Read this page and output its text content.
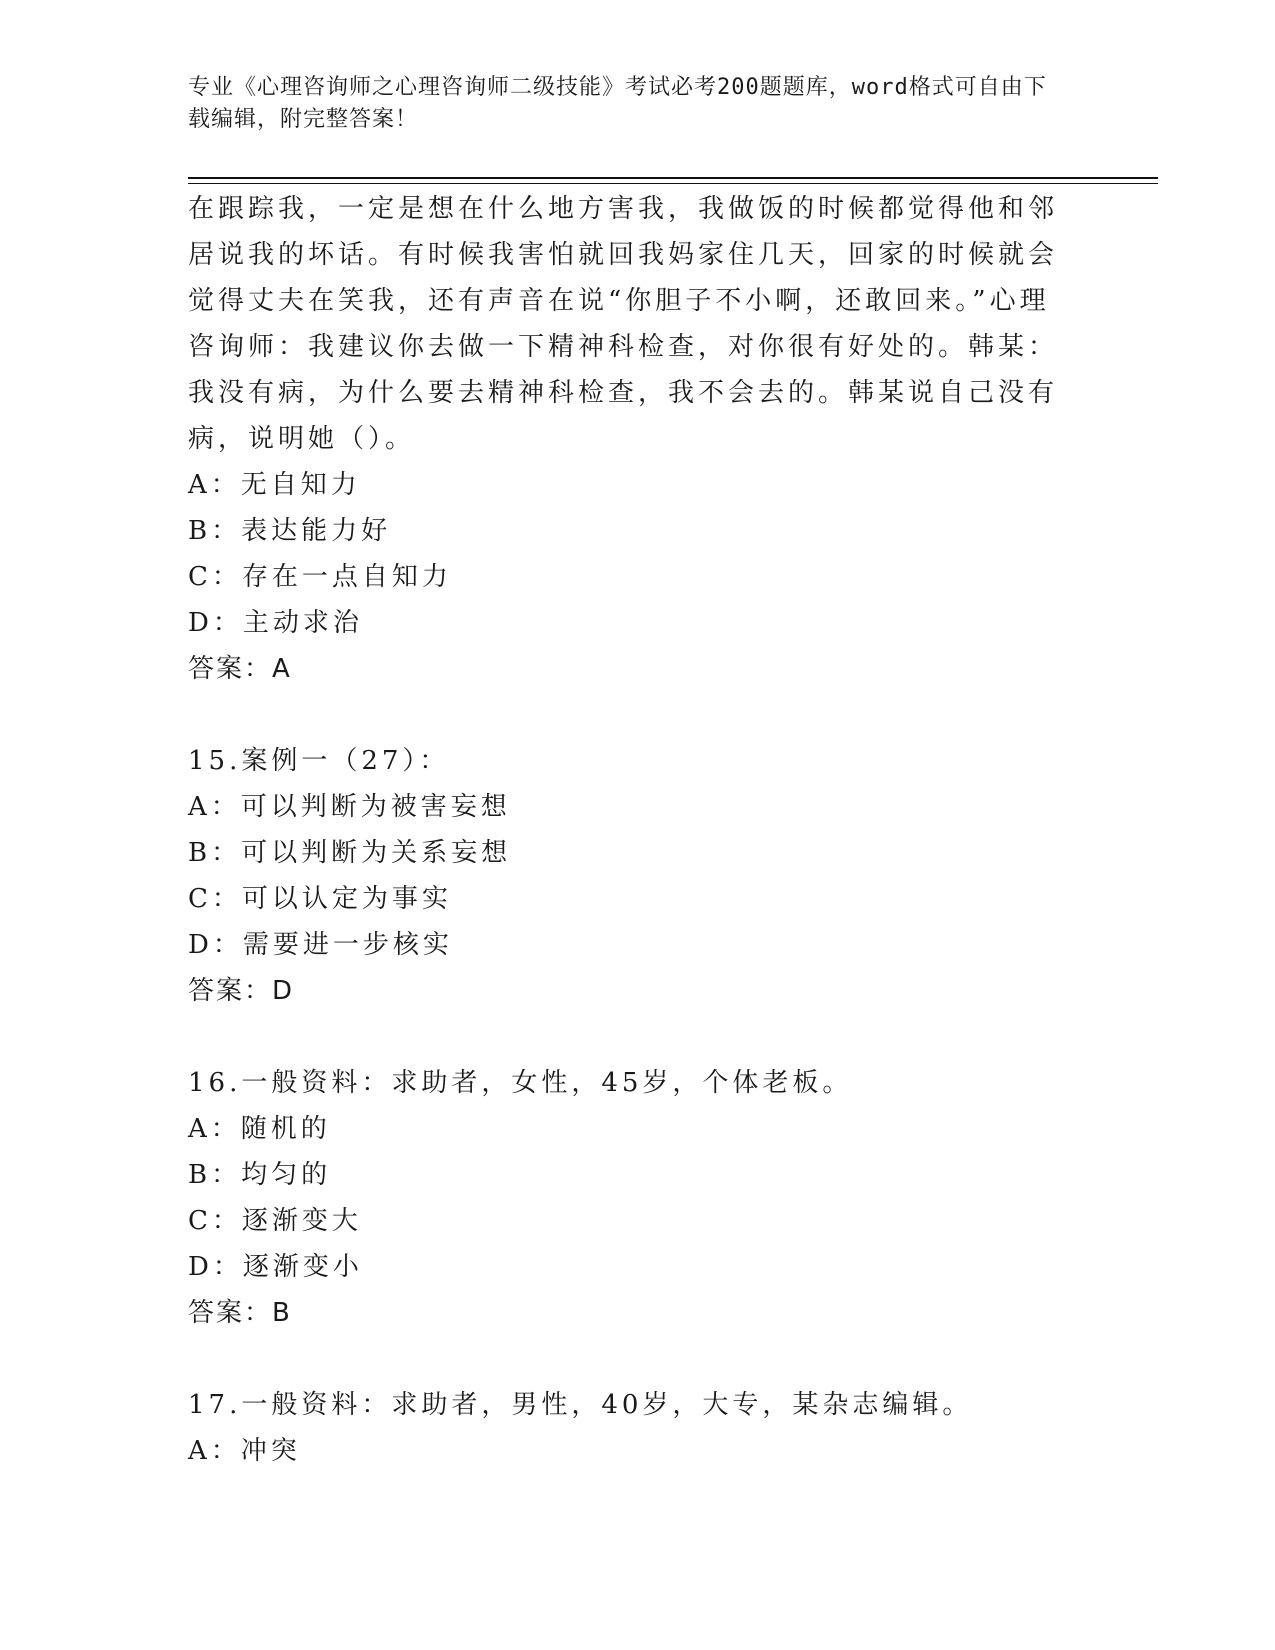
专业《心理咨询师之心理咨询师二级技能》考试必考200题题库，word格式可自由下载编辑，附完整答案！

在跟踪我，一定是想在什么地方害我，我做饭的时候都觉得他和邻居说我的坏话。有时候我害怕就回我妈家住几天，回家的时候就会觉得丈夫在笑我，还有声音在说“你胆子不小啊，还敢回来。”心理咨询师：我建议你去做一下精神科检查，对你很有好处的。韩某：我没有病，为什么要去精神科检查，我不会去的。韩某说自己没有病，说明她（）。

A：无自知力
B：表达能力好
C：存在一点自知力
D：主动求治
答案：A
15.案例一（27）：
A：可以判断为被害妄想
B：可以判断为关系妄想
C：可以认定为事实
D：需要进一步核实
答案：D
16.一般资料：求助者，女性，45岁，个体老板。
A：随机的
B：均匀的
C：逐渐变大
D：逐渐变小
答案：B
17.一般资料：求助者，男性，40岁，大专，某杂志编辑。
A：冲突
